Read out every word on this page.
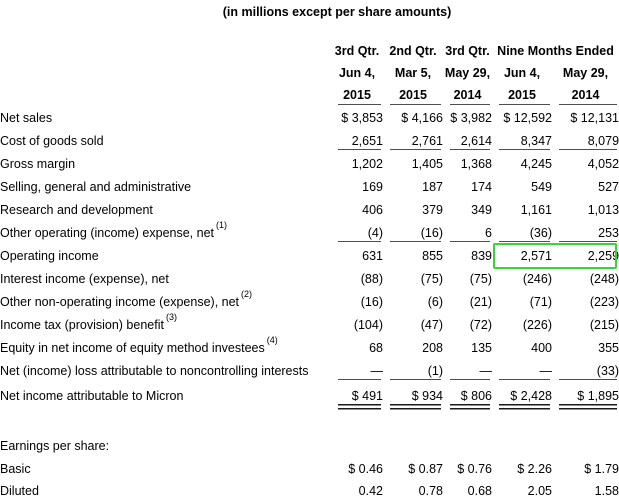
(in millions except per share amounts)
	3rd Qtr.	2nd Qtr.	3rd Qtr.	Nine Months Ended	
	Jun 4,	Mar 5,	May 29,	Jun 4,	May 29,
	2015	2015	2014	2015	2014
Net sales	$ 3,853	$ 4,166	$ 3,982	$ 12,592	$ 12,131
Cost of goods sold	2,651	2,761	2,614	8,347	8,079
Gross margin	1,202	1,405	1,368	4,245	4,052
Selling, general and administrative	169	187	174	549	527
Research and development	406	379	349	1,161	1,013
Other operating (income) expense, net$^{(1)}$	(4)	(16)	6	(36)	253
Operating income	631	855	839	2,571	2,259
Interest income (expense), net	(88)	(75)	(75)	(246)	(248)
Other non-operating income (expense), net$^{(2)}$	(16)	(6)	(21)	(71)	(223)
Income tax (provision) benefit$^{(3)}$	(104)	(47)	(72)	(226)	(215)
Equity in net income of equity method investees$^{(4)}$	68	208	135	400	355
Net (income) loss attributable to noncontrolling interests	—	(1)	—	—	(33)
Net income attributable to Micron	$ 491	$ 934	$ 806	$ 2,428	$ 1,895

Earnings per share:					
Basic	$ 0.46	$ 0.87	$ 0.76	$ 2.26	$ 1.79
Diluted	0.42	0.78	0.68	2.05	1.58
